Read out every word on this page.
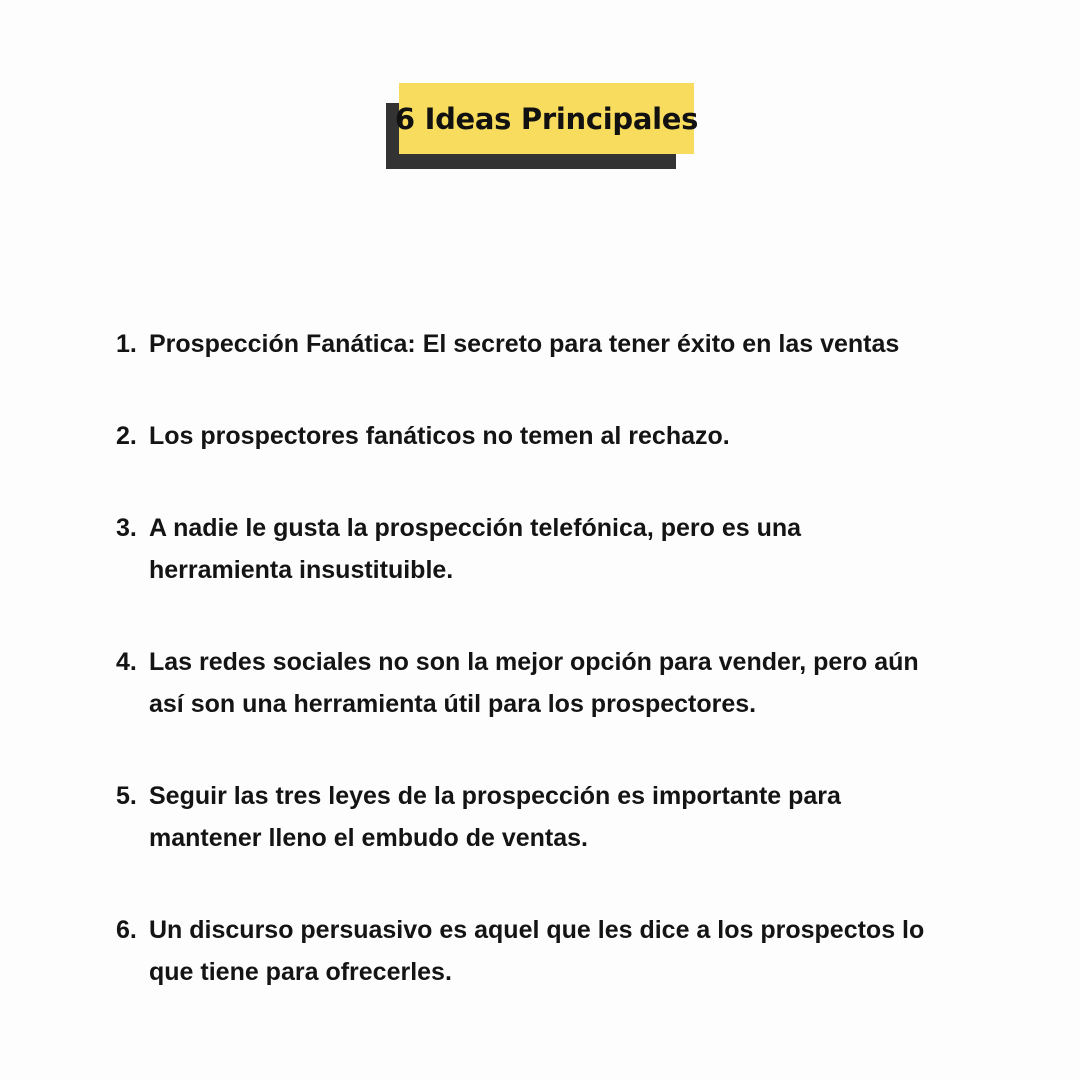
6 Ideas Principales
1. Prospección Fanática: El secreto para tener éxito en las ventas
2. Los prospectores fanáticos no temen al rechazo.
3. A nadie le gusta la prospección telefónica, pero es una herramienta insustituible.
4. Las redes sociales no son la mejor opción para vender, pero aún así son una herramienta útil para los prospectores.
5. Seguir las tres leyes de la prospección es importante para mantener lleno el embudo de ventas.
6. Un discurso persuasivo es aquel que les dice a los prospectos lo que tiene para ofrecerles.
